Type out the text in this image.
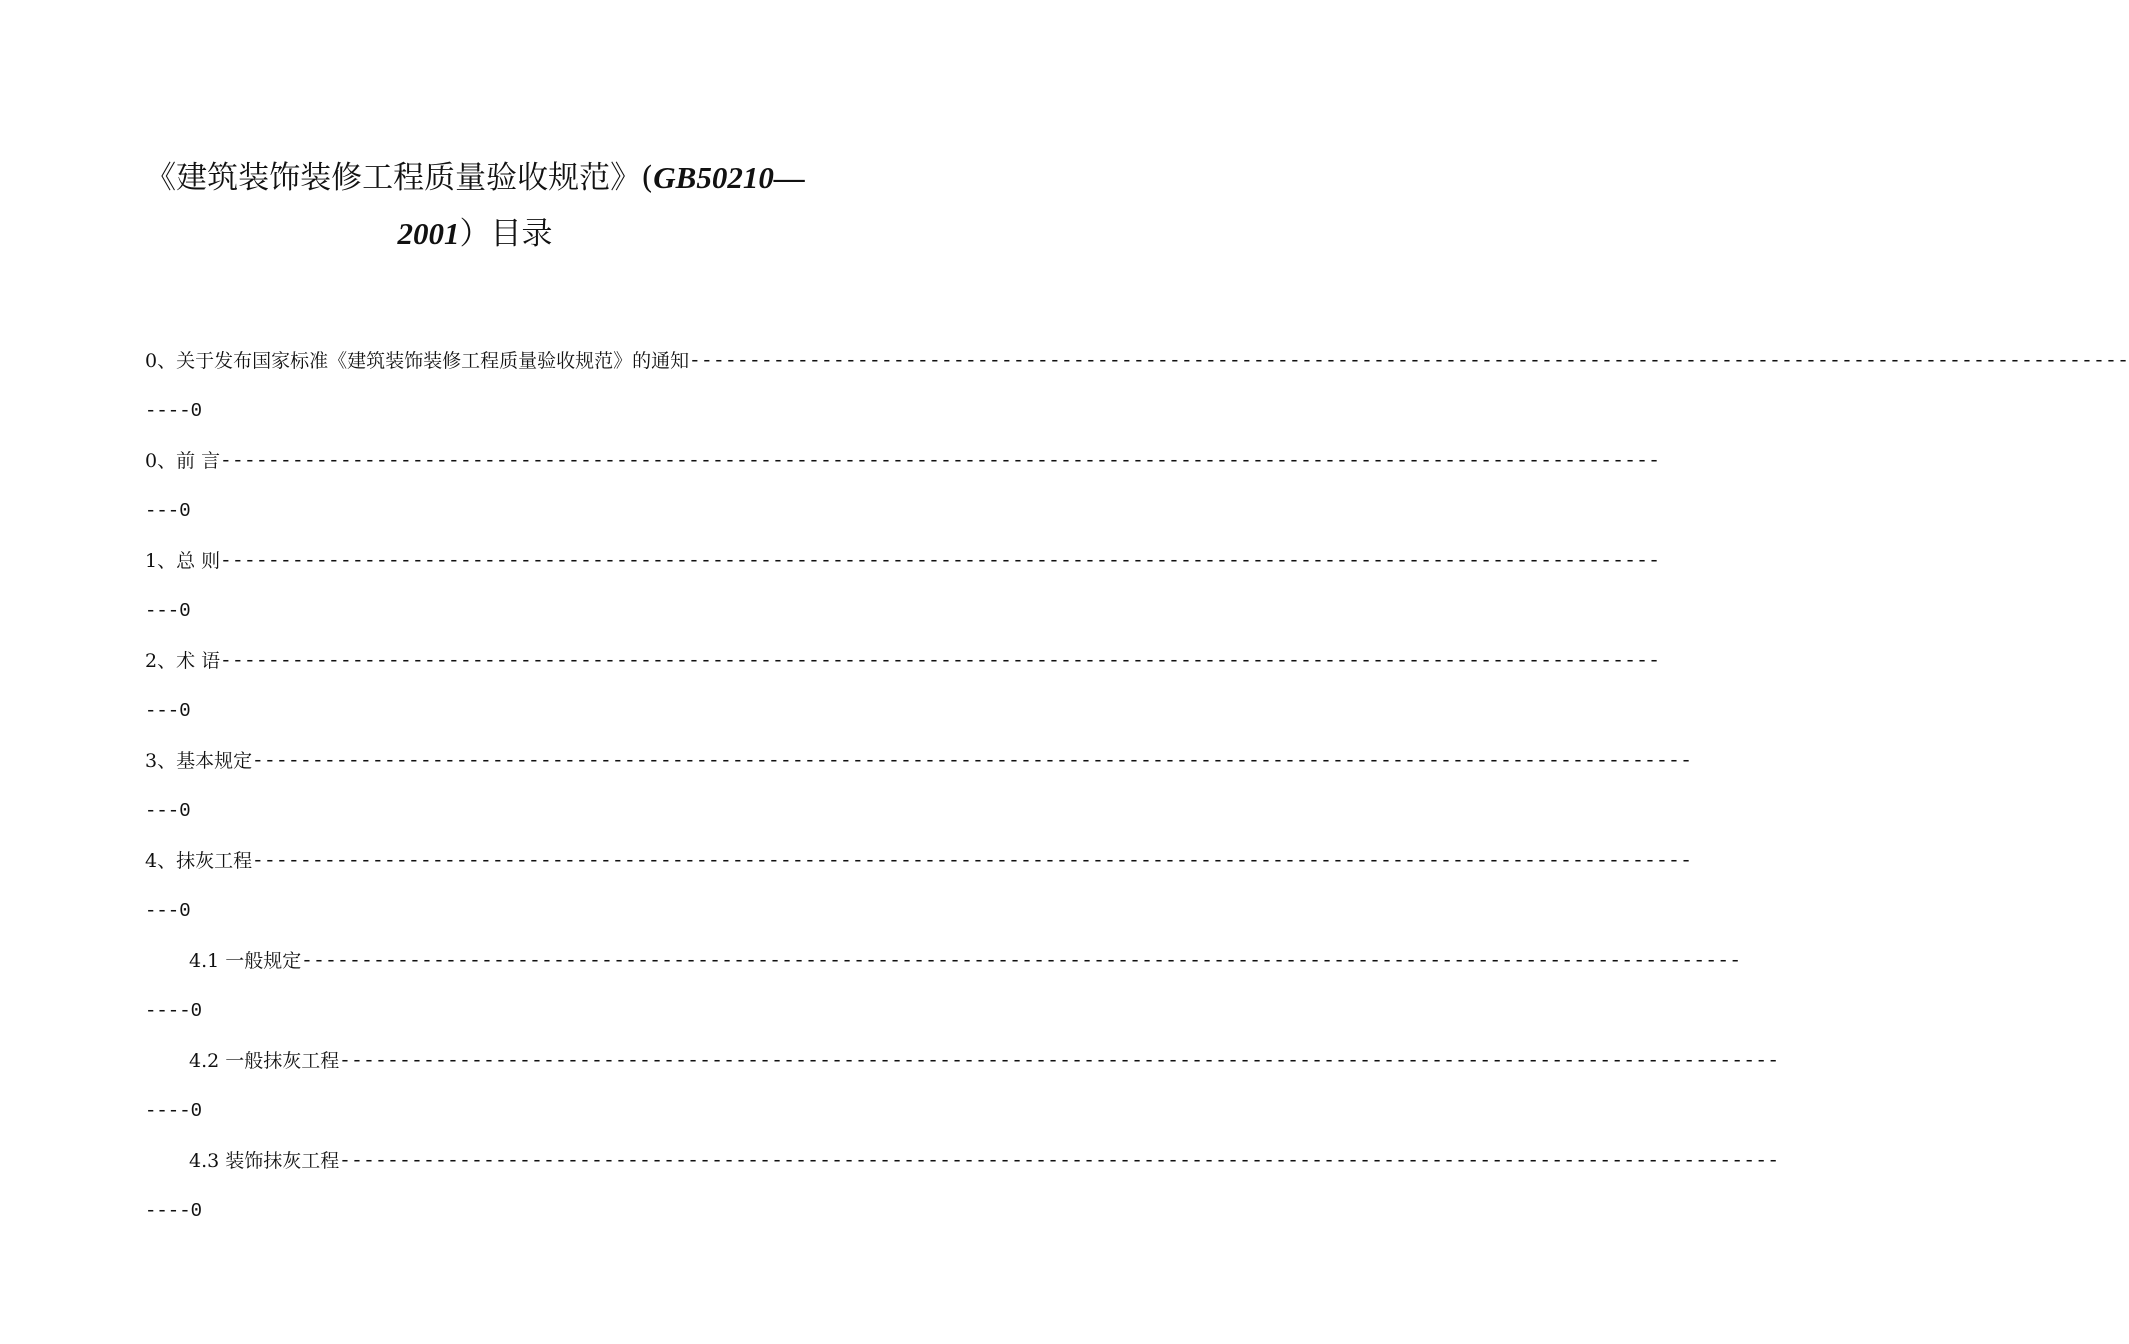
《建筑装饰装修工程质量验收规范》(GB50210—
2001）目录
0、关于发布国家标准《建筑装饰装修工程质量验收规范》的通知 ------------------------------------------------------------------------------------------------------------------------
----0
0、前 言 ------------------------------------------------------------------------------------------------------------------------
---0
1、总 则 ------------------------------------------------------------------------------------------------------------------------
---0
2、术 语 ------------------------------------------------------------------------------------------------------------------------
---0
3、基本规定 ------------------------------------------------------------------------------------------------------------------------
---0
4、抹灰工程 ------------------------------------------------------------------------------------------------------------------------
---0
4.1 一般规定 ------------------------------------------------------------------------------------------------------------------------
----0
4.2 一般抹灰工程 ------------------------------------------------------------------------------------------------------------------------
----0
4.3 装饰抹灰工程 ------------------------------------------------------------------------------------------------------------------------
----0
